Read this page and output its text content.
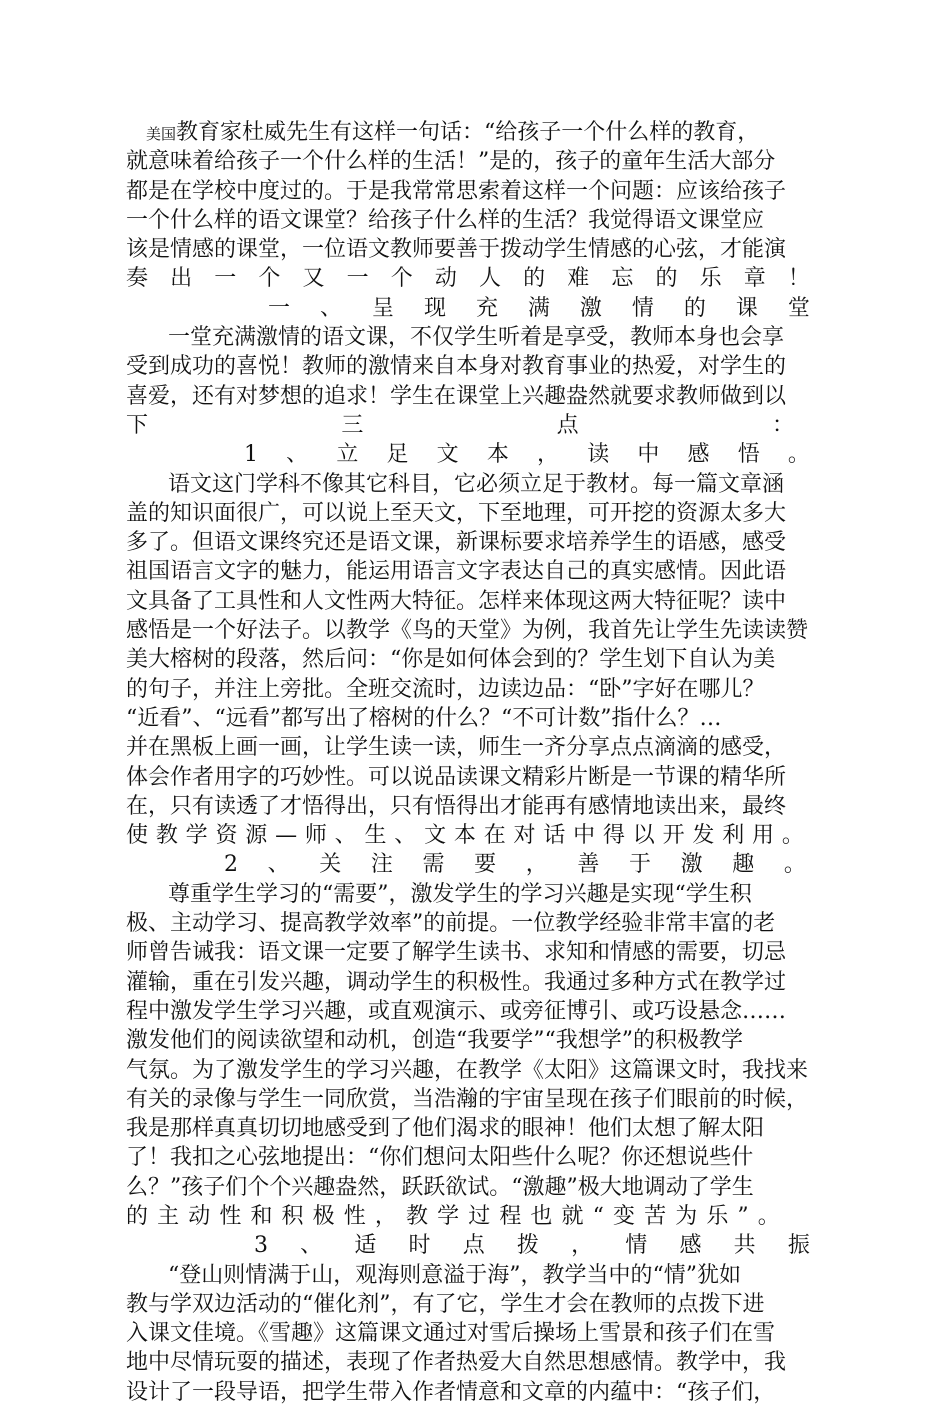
美国教育家杜威先生有这样一句话：“给孩子一个什么样的教育，
就意味着给孩子一个什么样的生活！”是的，孩子的童年生活大部分
都是在学校中度过的。于是我常常思索着这样一个问题：应该给孩子
一个什么样的语文课堂？给孩子什么样的生活？我觉得语文课堂应
该是情感的课堂，一位语文教师要善于拨动学生情感的心弦，才能演
奏 出 一 个 又 一 个 动 人 的 难 忘 的 乐 章 ！
一 、 呈 现 充 满 激 情 的 课 堂
一堂充满激情的语文课，不仅学生听着是享受，教师本身也会享
受到成功的喜悦！教师的激情来自本身对教育事业的热爱，对学生的
喜爱，还有对梦想的追求！学生在课堂上兴趣盎然就要求教师做到以
下	三	点	：
1 、 立 足 文 本 ， 读 中 感 悟 。
语文这门学科不像其它科目，它必须立足于教材。每一篇文章涵
盖的知识面很广，可以说上至天文，下至地理，可开挖的资源太多大
多了。但语文课终究还是语文课，新课标要求培养学生的语感，感受
祖国语言文字的魅力，能运用语言文字表达自己的真实感情。因此语
文具备了工具性和人文性两大特征。怎样来体现这两大特征呢？读中
感悟是一个好法子。以教学《鸟的天堂》为例，我首先让学生先读读赞
美大榕树的段落，然后问：“你是如何体会到的？学生划下自认为美
的句子，并注上旁批。全班交流时，边读边品：“卧”字好在哪儿？
“近看”、“远看”都写出了榕树的什么？“不可计数”指什么？…
并在黑板上画一画，让学生读一读，师生一齐分享点点滴滴的感受，
体会作者用字的巧妙性。可以说品读课文精彩片断是一节课的精华所
在，只有读透了才悟得出，只有悟得出才能再有感情地读出来，最终
使 教 学 资 源 — 师 、 生 、 文 本 在 对 话 中 得 以 开 发 利 用 。
2 、 关 注 需 要 ， 善 于 激 趣 。
尊重学生学习的“需要”，激发学生的学习兴趣是实现“学生积
极、主动学习、提高教学效率”的前提。一位教学经验非常丰富的老
师曾告诫我：语文课一定要了解学生读书、求知和情感的需要，切忌
灌输，重在引发兴趣，调动学生的积极性。我通过多种方式在教学过
程中激发学生学习兴趣，或直观演示、或旁征博引、或巧设悬念……
激发他们的阅读欲望和动机，创造“我要学”“我想学”的积极教学
气氛。为了激发学生的学习兴趣，在教学《太阳》这篇课文时，我找来
有关的录像与学生一同欣赏，当浩瀚的宇宙呈现在孩子们眼前的时候，
我是那样真真切切地感受到了他们渴求的眼神！他们太想了解太阳
了！我扣之心弦地提出：“你们想问太阳些什么呢？你还想说些什
么？”孩子们个个兴趣盎然，跃跃欲试。“激趣”极大地调动了学生
的 主 动 性 和 积 极 性 ， 教 学 过 程 也 就 “ 变 苦 为 乐 ” 。
3 、 适 时 点 拨 ， 情 感 共 振
“登山则情满于山，观海则意溢于海”，教学当中的“情”犹如
教与学双边活动的“催化剂”，有了它，学生才会在教师的点拨下进
入课文佳境。《雪趣》这篇课文通过对雪后操场上雪景和孩子们在雪
地中尽情玩耍的描述，表现了作者热爱大自然思想感情。教学中，我
设计了一段导语，把学生带入作者情意和文章的内蕴中：“孩子们，
